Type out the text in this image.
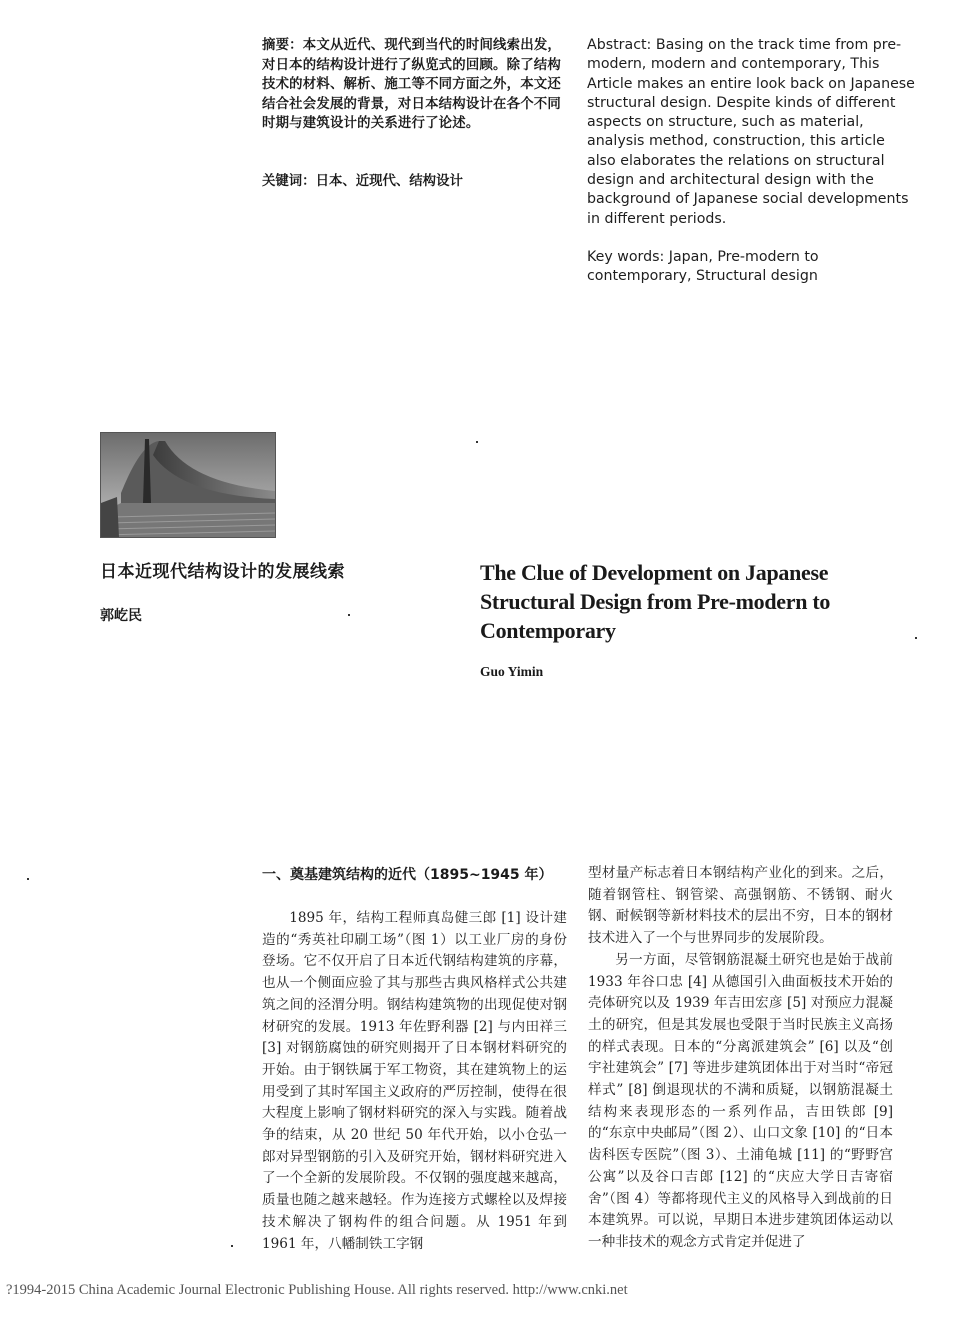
摘要：本文从近代、现代到当代的时间线索出发，对日本的结构设计进行了纵览式的回顾。除了结构技术的材料、解析、施工等不同方面之外，本文还结合社会发展的背景，对日本结构设计在各个不同时期与建筑设计的关系进行了论述。
关键词：日本、近现代、结构设计
Abstract: Basing on the track time from pre-modern, modern and contemporary, This Article makes an entire look back on Japanese structural design. Despite kinds of different aspects on structure, such as material, analysis method, construction, this article also elaborates the relations on structural design and architectural design with the background of Japanese social developments in different periods.
Key words: Japan, Pre-modern to contemporary, Structural design
日本近现代结构设计的发展线索
郭屹民
The Clue of Development on Japanese Structural Design from Pre-modern to Contemporary
Guo Yimin
一、奠基建筑结构的近代（1895~1945 年）

1895 年，结构工程师真岛健三郎 [1] 设计建造的“秀英社印刷工场”（图 1）以工业厂房的身份登场。它不仅开启了日本近代钢结构建筑的序幕，也从一个侧面应验了其与那些古典风格样式公共建筑之间的泾渭分明。钢结构建筑物的出现促使对钢材研究的发展。1913 年佐野利器 [2] 与内田祥三 [3] 对钢筋腐蚀的研究则揭开了日本钢材料研究的开始。由于钢铁属于军工物资，其在建筑物上的运用受到了其时军国主义政府的严厉控制，使得在很大程度上影响了钢材料研究的深入与实践。随着战争的结束，从 20 世纪 50 年代开始，以小仓弘一郎对异型钢筋的引入及研究开始，钢材料研究进入了一个全新的发展阶段。不仅钢的强度越来越高，质量也随之越来越轻。作为连接方式螺栓以及焊接技术解决了钢构件的组合问题。从 1951 年到 1961 年，八幡制铁工字钢

型材量产标志着日本钢结构产业化的到来。之后，随着钢管柱、钢管梁、高强钢筋、不锈钢、耐火钢、耐候钢等新材料技术的层出不穷，日本的钢材技术进入了一个与世界同步的发展阶段。

另一方面，尽管钢筋混凝土研究也是始于战前 1933 年谷口忠 [4] 从德国引入曲面板技术开始的壳体研究以及 1939 年吉田宏彦 [5] 对预应力混凝土的研究，但是其发展也受限于当时民族主义高扬的样式表现。日本的“分离派建筑会” [6] 以及“创宇社建筑会” [7] 等进步建筑团体出于对当时“帝冠样式” [8] 倒退现状的不满和质疑，以钢筋混凝土结构来表现形态的一系列作品，吉田铁郎 [9] 的“东京中央邮局”（图 2）、山口文象 [10] 的“日本齿科医专医院”（图 3）、土浦龟城 [11] 的“野野宫公寓”以及谷口吉郎 [12] 的“庆应大学日吉寄宿舍”（图 4）等都将现代主义的风格导入到战前的日本建筑界。可以说，早期日本进步建筑团体运动以一种非技术的观念方式肯定并促进了

?1994-2015 China Academic Journal Electronic Publishing House. All rights reserved. http://www.cnki.net
